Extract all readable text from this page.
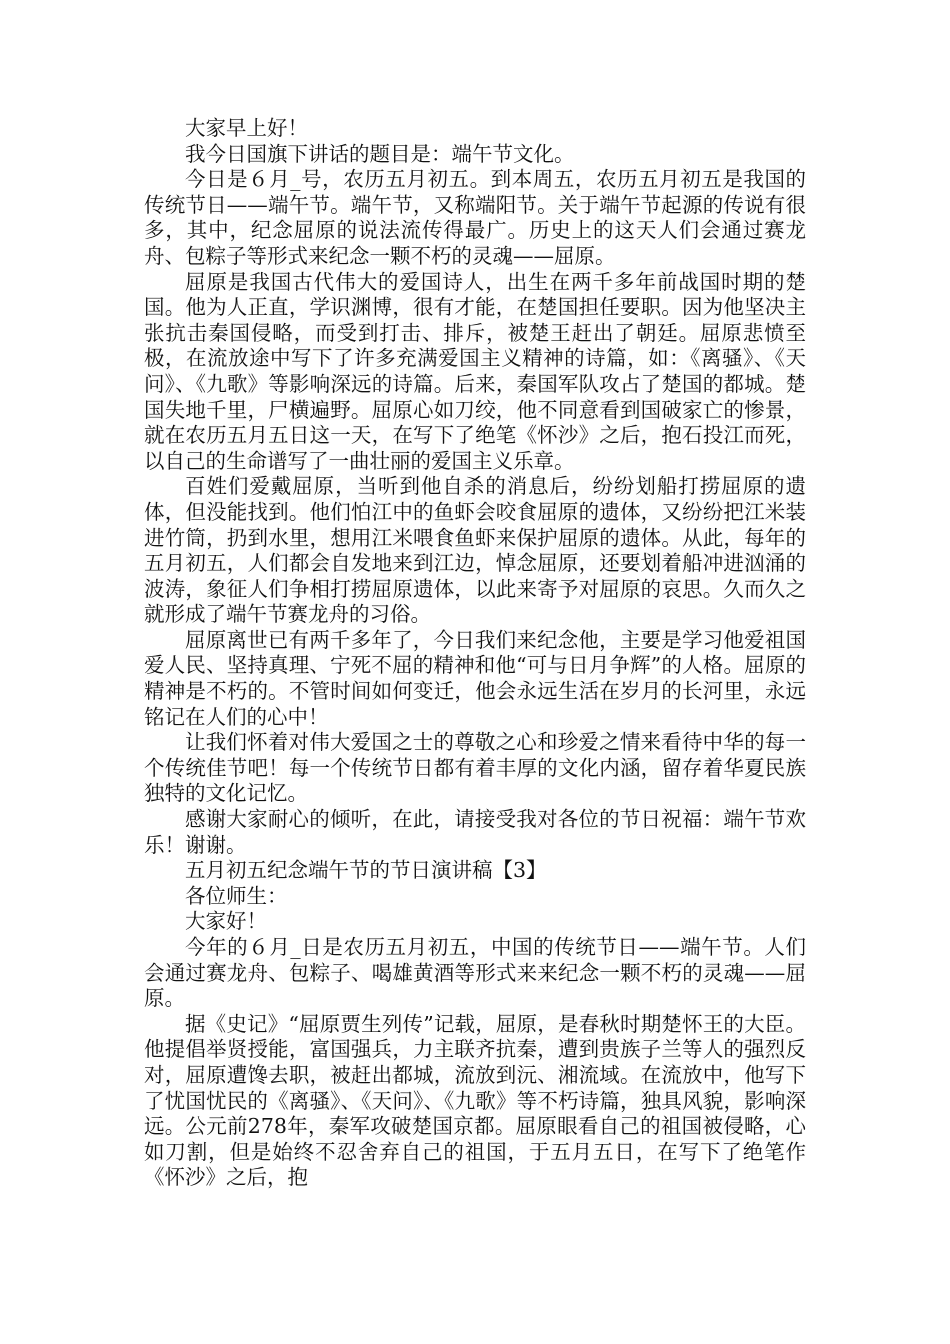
大家早上好！

我今日国旗下讲话的题目是：端午节文化。

今日是６月_号，农历五月初五。到本周五，农历五月初五是我国的传统节日——端午节。端午节，又称端阳节。关于端午节起源的传说有很多，其中，纪念屈原的说法流传得最广。历史上的这天人们会通过赛龙舟、包粽子等形式来纪念一颗不朽的灵魂——屈原。

屈原是我国古代伟大的爱国诗人，出生在两千多年前战国时期的楚国。他为人正直，学识渊博，很有才能，在楚国担任要职。因为他坚决主张抗击秦国侵略，而受到打击、排斥，被楚王赶出了朝廷。屈原悲愤至极，在流放途中写下了许多充满爱国主义精神的诗篇，如：《离骚》、《天问》、《九歌》等影响深远的诗篇。后来，秦国军队攻占了楚国的都城。楚国失地千里，尸横遍野。屈原心如刀绞，他不同意看到国破家亡的惨景，就在农历五月五日这一天，在写下了绝笔《怀沙》之后，抱石投江而死，以自己的生命谱写了一曲壮丽的爱国主义乐章。

百姓们爱戴屈原，当听到他自杀的消息后，纷纷划船打捞屈原的遗体，但没能找到。他们怕江中的鱼虾会咬食屈原的遗体，又纷纷把江米装进竹筒，扔到水里，想用江米喂食鱼虾来保护屈原的遗体。从此，每年的五月初五，人们都会自发地来到江边，悼念屈原，还要划着船冲进汹涌的波涛，象征人们争相打捞屈原遗体，以此来寄予对屈原的哀思。久而久之就形成了端午节赛龙舟的习俗。

屈原离世已有两千多年了，今日我们来纪念他，主要是学习他爱祖国爱人民、坚持真理、宁死不屈的精神和他“可与日月争辉”的人格。屈原的精神是不朽的。不管时间如何变迁，他会永远生活在岁月的长河里，永远铭记在人们的心中！

让我们怀着对伟大爱国之士的尊敬之心和珍爱之情来看待中华的每一个传统佳节吧！每一个传统节日都有着丰厚的文化内涵，留存着华夏民族独特的文化记忆。

感谢大家耐心的倾听，在此，请接受我对各位的节日祝福：端午节欢乐！谢谢。

五月初五纪念端午节的节日演讲稿【3】

各位师生：

大家好！

今年的６月_日是农历五月初五，中国的传统节日——端午节。人们会通过赛龙舟、包粽子、喝雄黄酒等形式来来纪念一颗不朽的灵魂——屈原。

据《史记》“屈原贾生列传”记载，屈原，是春秋时期楚怀王的大臣。他提倡举贤授能，富国强兵，力主联齐抗秦，遭到贵族子兰等人的强烈反对，屈原遭馋去职，被赶出都城，流放到沅、湘流域。在流放中，他写下了忧国忧民的《离骚》、《天问》、《九歌》等不朽诗篇，独具风貌，影响深远。公元前278年，秦军攻破楚国京都。屈原眼看自己的祖国被侵略，心如刀割，但是始终不忍舍弃自己的祖国，于五月五日，在写下了绝笔作《怀沙》之后，抱
